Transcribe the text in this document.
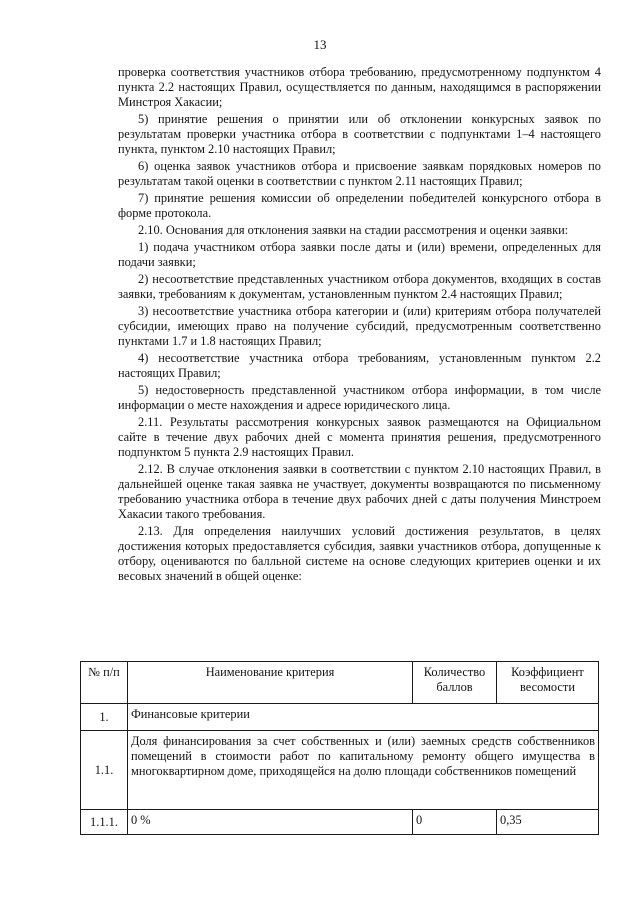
13

проверка соответствия участников отбора требованию, предусмотренному подпунктом 4 пункта 2.2 настоящих Правил, осуществляется по данным, находящимся в распоряжении Минстроя Хакасии;

5) принятие решения о принятии или об отклонении конкурсных заявок по результатам проверки участника отбора в соответствии с подпунктами 1–4 настоящего пункта, пунктом 2.10 настоящих Правил;

6) оценка заявок участников отбора и присвоение заявкам порядковых номеров по результатам такой оценки в соответствии с пунктом 2.11 настоящих Правил;

7) принятие решения комиссии об определении победителей конкурсного отбора в форме протокола.

2.10. Основания для отклонения заявки на стадии рассмотрения и оценки заявки:

1) подача участником отбора заявки после даты и (или) времени, определенных для подачи заявки;

2) несоответствие представленных участником отбора документов, входящих в состав заявки, требованиям к документам, установленным пунктом 2.4 настоящих Правил;

3) несоответствие участника отбора категории и (или) критериям отбора получателей субсидии, имеющих право на получение субсидий, предусмотренным соответственно пунктами 1.7 и 1.8 настоящих Правил;

4) несоответствие участника отбора требованиям, установленным пунктом 2.2 настоящих Правил;

5) недостоверность представленной участником отбора информации, в том числе информации о месте нахождения и адресе юридического лица.

2.11. Результаты рассмотрения конкурсных заявок размещаются на Официальном сайте в течение двух рабочих дней с момента принятия решения, предусмотренного подпунктом 5 пункта 2.9 настоящих Правил.

2.12. В случае отклонения заявки в соответствии с пунктом 2.10 настоящих Правил, в дальнейшей оценке такая заявка не участвует, документы возвращаются по письменному требованию участника отбора в течение двух рабочих дней с даты получения Минстроем Хакасии такого требования.

2.13. Для определения наилучших условий достижения результатов, в целях достижения которых предоставляется субсидия, заявки участников отбора, допущенные к отбору, оцениваются по балльной системе на основе следующих критериев оценки и их весовых значений в общей оценке:

№ п/п	Наименование критерия	Количество баллов	Коэффициент весомости
1.	Финансовые критерии		
1.1.	Доля финансирования за счет собственных и (или) заемных средств собственников помещений в стоимости работ по капитальному ремонту общего имущества в многоквартирном доме, приходящейся на долю площади собственников помещений		
1.1.1.	0 %	0	0,35
